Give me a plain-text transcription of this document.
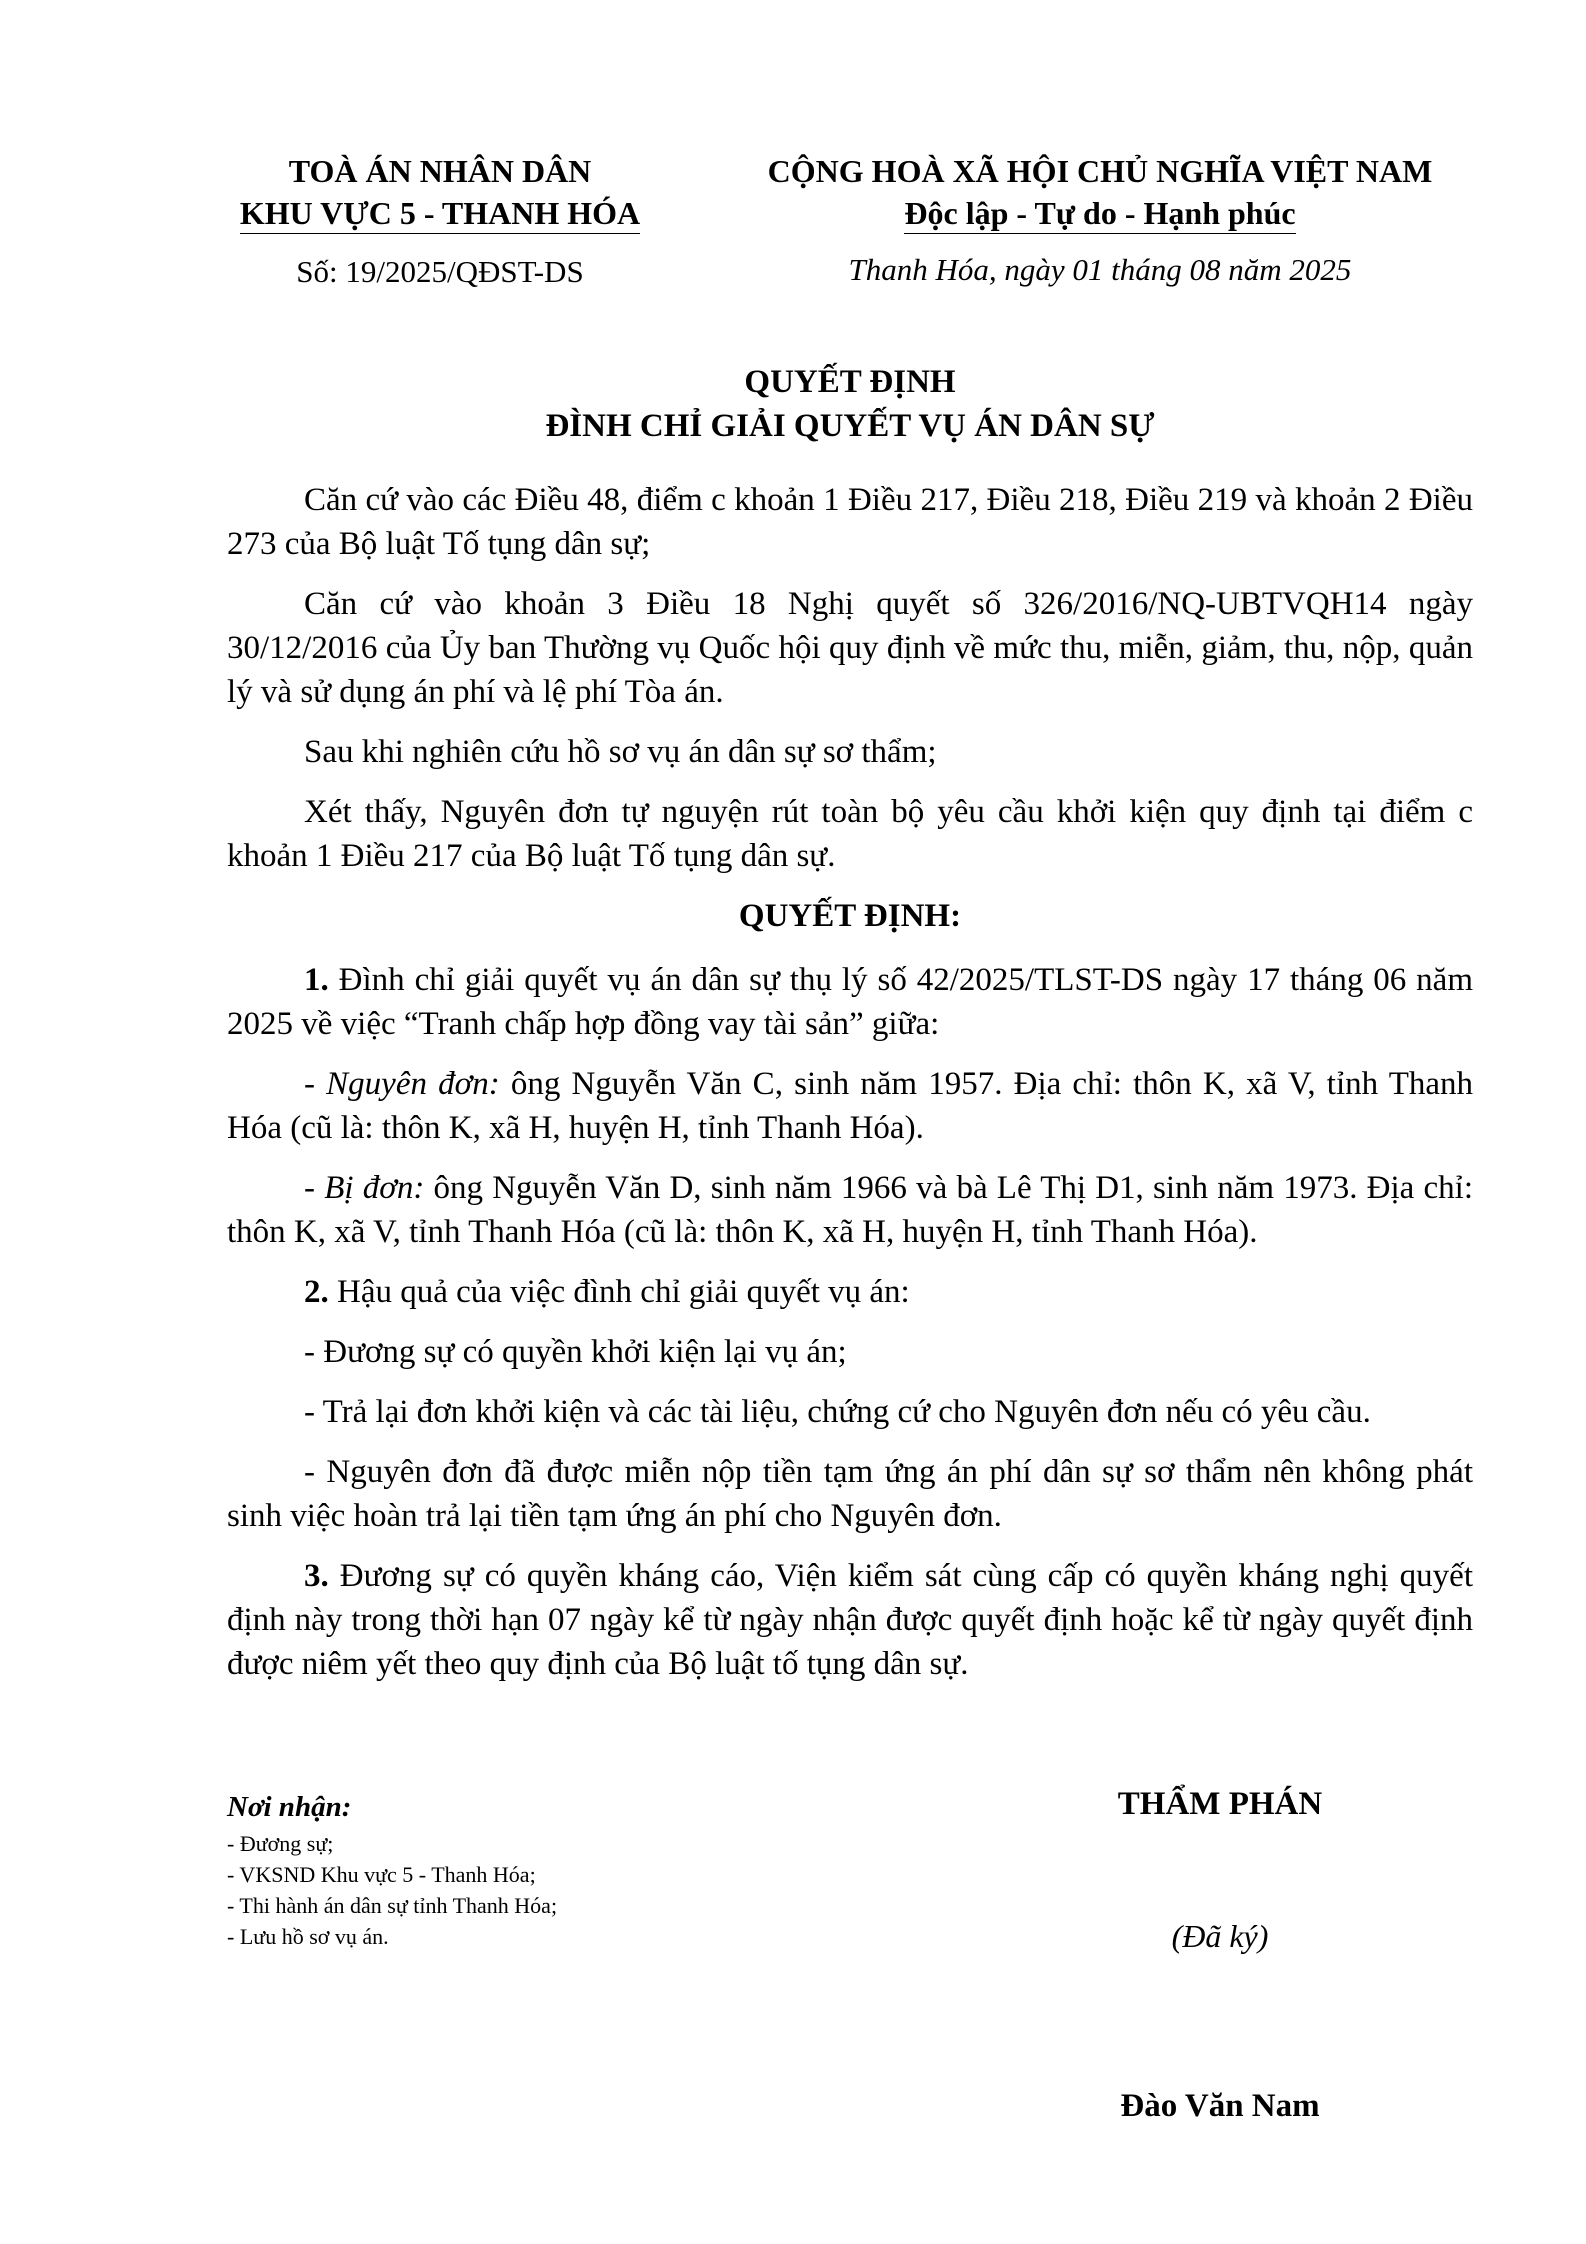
TOÀ ÁN NHÂN DÂN
KHU VỰC 5 - THANH HÓA
Số: 19/2025/QĐST-DS
CỘNG HOÀ XÃ HỘI CHỦ NGHĨA VIỆT NAM
Độc lập - Tự do - Hạnh phúc
Thanh Hóa, ngày 01 tháng 08 năm 2025
QUYẾT ĐỊNH
ĐÌNH CHỈ GIẢI QUYẾT VỤ ÁN DÂN SỰ

Căn cứ vào các Điều 48, điểm c khoản 1 Điều 217, Điều 218, Điều 219 và khoản 2 Điều 273 của Bộ luật Tố tụng dân sự;

Căn cứ vào khoản 3 Điều 18 Nghị quyết số 326/2016/NQ-UBTVQH14 ngày 30/12/2016 của Ủy ban Thường vụ Quốc hội quy định về mức thu, miễn, giảm, thu, nộp, quản lý và sử dụng án phí và lệ phí Tòa án.

Sau khi nghiên cứu hồ sơ vụ án dân sự sơ thẩm;

Xét thấy, Nguyên đơn tự nguyện rút toàn bộ yêu cầu khởi kiện quy định tại điểm c khoản 1 Điều 217 của Bộ luật Tố tụng dân sự.

QUYẾT ĐỊNH:

1. Đình chỉ giải quyết vụ án dân sự thụ lý số 42/2025/TLST-DS ngày 17 tháng 06 năm 2025 về việc “Tranh chấp hợp đồng vay tài sản” giữa:

- Nguyên đơn: ông Nguyễn Văn C, sinh năm 1957. Địa chỉ: thôn K, xã V, tỉnh Thanh Hóa (cũ là: thôn K, xã H, huyện H, tỉnh Thanh Hóa).

- Bị đơn: ông Nguyễn Văn D, sinh năm 1966 và bà Lê Thị D1, sinh năm 1973. Địa chỉ: thôn K, xã V, tỉnh Thanh Hóa (cũ là: thôn K, xã H, huyện H, tỉnh Thanh Hóa).

2. Hậu quả của việc đình chỉ giải quyết vụ án:

- Đương sự có quyền khởi kiện lại vụ án;

- Trả lại đơn khởi kiện và các tài liệu, chứng cứ cho Nguyên đơn nếu có yêu cầu.

- Nguyên đơn đã được miễn nộp tiền tạm ứng án phí dân sự sơ thẩm nên không phát sinh việc hoàn trả lại tiền tạm ứng án phí cho Nguyên đơn.

3. Đương sự có quyền kháng cáo, Viện kiểm sát cùng cấp có quyền kháng nghị quyết định này trong thời hạn 07 ngày kể từ ngày nhận được quyết định hoặc kể từ ngày quyết định được niêm yết theo quy định của Bộ luật tố tụng dân sự.

Nơi nhận:
- Đương sự;
- VKSND Khu vực 5 - Thanh Hóa;
- Thi hành án dân sự tỉnh Thanh Hóa;
- Lưu hồ sơ vụ án.
THẨM PHÁN
(Đã ký)
Đào Văn Nam
